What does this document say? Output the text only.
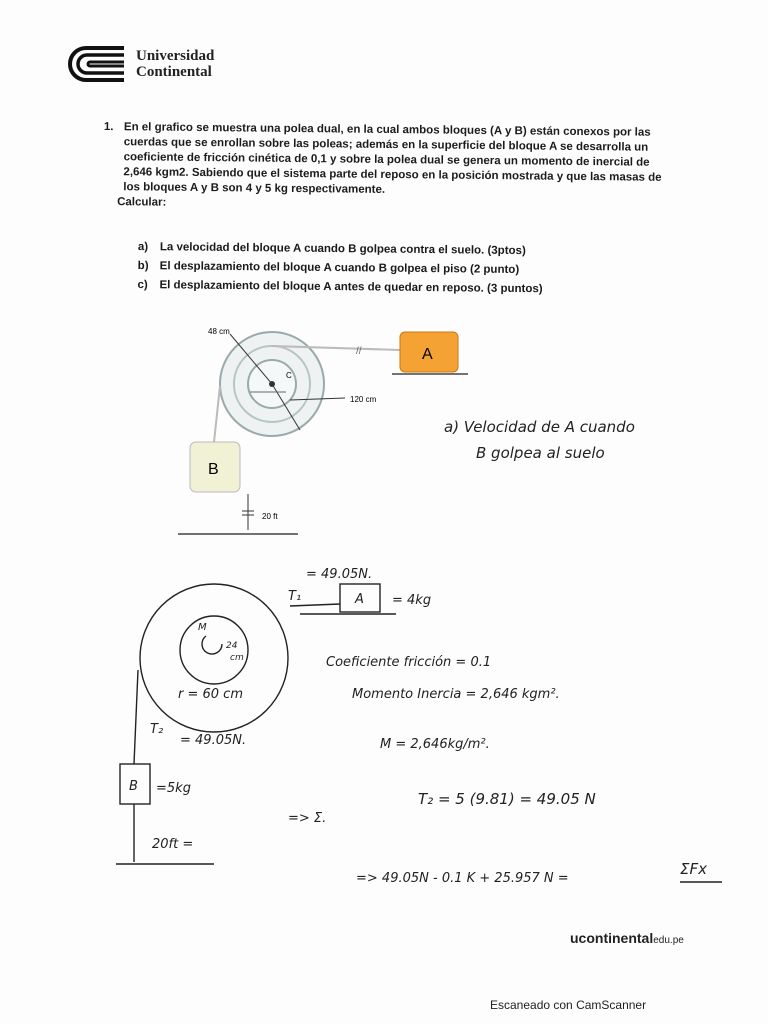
Universidad
Continental
1. En el grafico se muestra una polea dual, en la cual ambos bloques (A y B) están conexos por las cuerdas que se enrollan sobre las poleas; además en la superficie del bloque A se desarrolla un coeficiente de fricción cinética de 0,1 y sobre la polea dual se genera un momento de inercial de 2,646 kgm2. Sabiendo que el sistema parte del reposo en la posición mostrada y que las masas de los bloques A y B son 4 y 5 kg respectivamente.
Calcular:
a)	La velocidad del bloque A cuando B golpea contra el suelo. (3ptos)
b) El desplazamiento del bloque A cuando B golpea el piso (2 punto)
c)	El desplazamiento del bloque A antes de quedar en reposo. (3 puntos)
//
48 cm
C
120 cm
A
B
20 ft
a) Velocidad de A cuando
B golpea al suelo
T₁
= 49.05N.
A = 4kg
M
24
cm
r = 60 cm
T₂
= 49.05N.
B =5kg
20ft =
Coeficiente fricción = 0.1
Momento Inercia = 2,646 kgm².
M = 2,646kg/m².
T₂ = 5 (9.81) = 49.05 N
=> Σ.
=> 49.05N - 0.1 K + 25.957 N =
ΣFx
ucontinentaledu.pe
Escaneado con CamScanner
